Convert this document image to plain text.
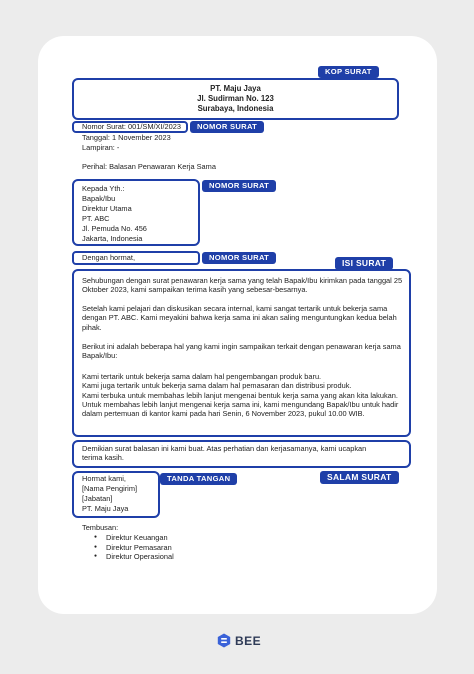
KOP SURAT
PT. Maju Jaya
Jl. Sudirman No. 123
Surabaya, Indonesia
Nomor Surat: 001/SM/XI/2023	NOMOR SURAT
Tanggal: 1 November 2023
Lampiran: -
Perihal: Balasan Penawaran Kerja Sama
NOMOR SURAT
Kepada Yth.:
Bapak/Ibu
Direktur Utama
PT. ABC
Jl. Pemuda No. 456
Jakarta, Indonesia
Dengan hormat,	NOMOR SURAT
ISI SURAT
Sehubungan dengan surat penawaran kerja sama yang telah Bapak/Ibu kirimkan pada tanggal 25 Oktober 2023, kami sampaikan terima kasih yang sebesar-besarnya.
Setelah kami pelajari dan diskusikan secara internal, kami sangat tertarik untuk bekerja sama dengan PT. ABC. Kami meyakini bahwa kerja sama ini akan saling menguntungkan kedua belah pihak.
Berikut ini adalah beberapa hal yang kami ingin sampaikan terkait dengan penawaran kerja sama Bapak/Ibu:
Kami tertarik untuk bekerja sama dalam hal pengembangan produk baru.
Kami juga tertarik untuk bekerja sama dalam hal pemasaran dan distribusi produk.
Kami terbuka untuk membahas lebih lanjut mengenai bentuk kerja sama yang akan kita lakukan.
Untuk membahas lebih lanjut mengenai kerja sama ini, kami mengundang Bapak/Ibu untuk hadir dalam pertemuan di kantor kami pada hari Senin, 6 November 2023, pukul 10.00 WIB.
Demikian surat balasan ini kami buat. Atas perhatian dan kerjasamanya, kami ucapkan terima kasih.
SALAM SURAT
TANDA TANGAN
Hormat kami,
[Nama Pengirim]
[Jabatan]
PT. Maju Jaya
Tembusan:
● Direktur Keuangan
● Direktur Pemasaran
● Direktur Operasional
BEE
